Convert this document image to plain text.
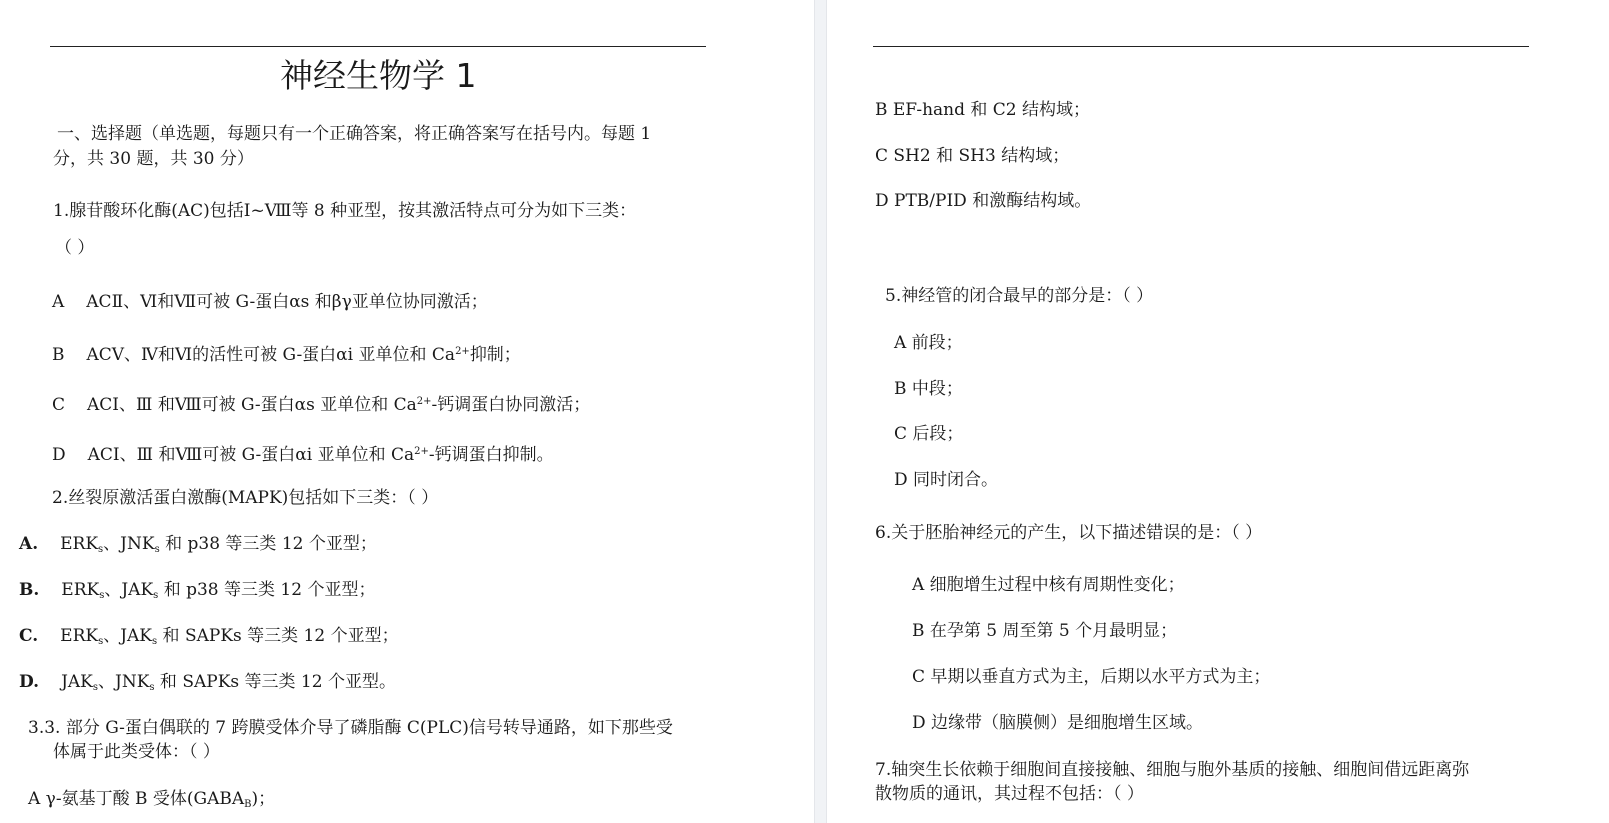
神经生物学 1
一、选择题（单选题，每题只有一个正确答案，将正确答案写在括号内。每题 1
分，共 30 题，共 30 分）
1.腺苷酸环化酶(AC)包括Ⅰ~Ⅷ等 8 种亚型，按其激活特点可分为如下三类：
（ ）
A ACⅡ、Ⅵ和Ⅶ可被 G-蛋白αs 和βγ亚单位协同激活；
B ACⅤ、Ⅳ和Ⅵ的活性可被 G-蛋白αi 亚单位和 $Ca^{2+}$抑制；
C ACⅠ、Ⅲ 和Ⅷ可被 G-蛋白αs 亚单位和 $Ca^{2+}-$钙调蛋白协同激活；
D ACⅠ、Ⅲ 和Ⅷ可被 G-蛋白αi 亚单位和 $Ca^{2+}-$钙调蛋白抑制。
2.丝裂原激活蛋白激酶(MAPK)包括如下三类：（ ）
A. $ERK_s$、$JNK_s$ 和 p38 等三类 12 个亚型；
B. $ERK_s$、$JAK_s$ 和 p38 等三类 12 个亚型；
C. $ERK_s$、$JAK_s$ 和 SAPKs 等三类 12 个亚型；
D. $JAK_s$、$JNK_s$ 和 SAPKs 等三类 12 个亚型。
3.3. 部分 G-蛋白偶联的 7 跨膜受体介导了磷脂酶 C(PLC)信号转导通路，如下那些受
体属于此类受体：（ ）
A γ-氨基丁酸 B 受体$(GABA_B)$；
B EF-hand 和 C2 结构域；
C SH2 和 SH3 结构域；
D PTB/PID 和激酶结构域。
5.神经管的闭合最早的部分是：（ ）
A 前段；
B 中段；
C 后段；
D 同时闭合。
6.关于胚胎神经元的产生，以下描述错误的是：（ ）
A 细胞增生过程中核有周期性变化；
B 在孕第 5 周至第 5 个月最明显；
C 早期以垂直方式为主，后期以水平方式为主；
D 边缘带（脑膜侧）是细胞增生区域。
7.轴突生长依赖于细胞间直接接触、细胞与胞外基质的接触、细胞间借远距离弥
散物质的通讯，其过程不包括：（ ）
